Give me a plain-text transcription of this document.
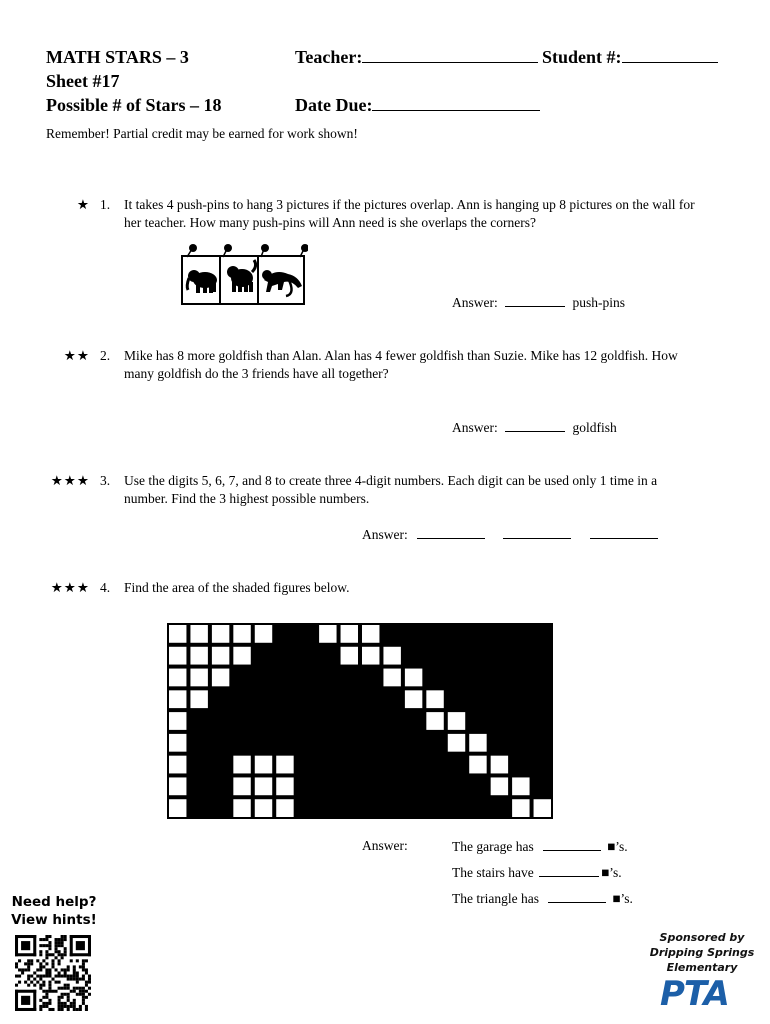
MATH STARS – 3
Sheet #17
Possible # of Stars – 18
Teacher:	Student #:
Date Due:
Remember! Partial credit may be earned for work shown!
★ 1. It takes 4 push-pins to hang 3 pictures if the pictures overlap. Ann is hanging up 8 pictures on the wall for her teacher. How many push-pins will Ann need is she overlaps the corners?
Answer:	push-pins
★★ 2. Mike has 8 more goldfish than Alan. Alan has 4 fewer goldfish than Suzie. Mike has 12 goldfish. How many goldfish do the 3 friends have all together?
Answer:	goldfish
★★★ 3. Use the digits 5, 6, 7, and 8 to create three 4-digit numbers. Each digit can be used only 1 time in a number. Find the 3 highest possible numbers.
Answer:
★★★ 4. Find the area of the shaded figures below.
Answer:	The garage has	■’s.
The stairs have	■’s.
The triangle has	■’s.
Need help?
View hints!
Sponsored by
Dripping Springs
Elementary
PTA
